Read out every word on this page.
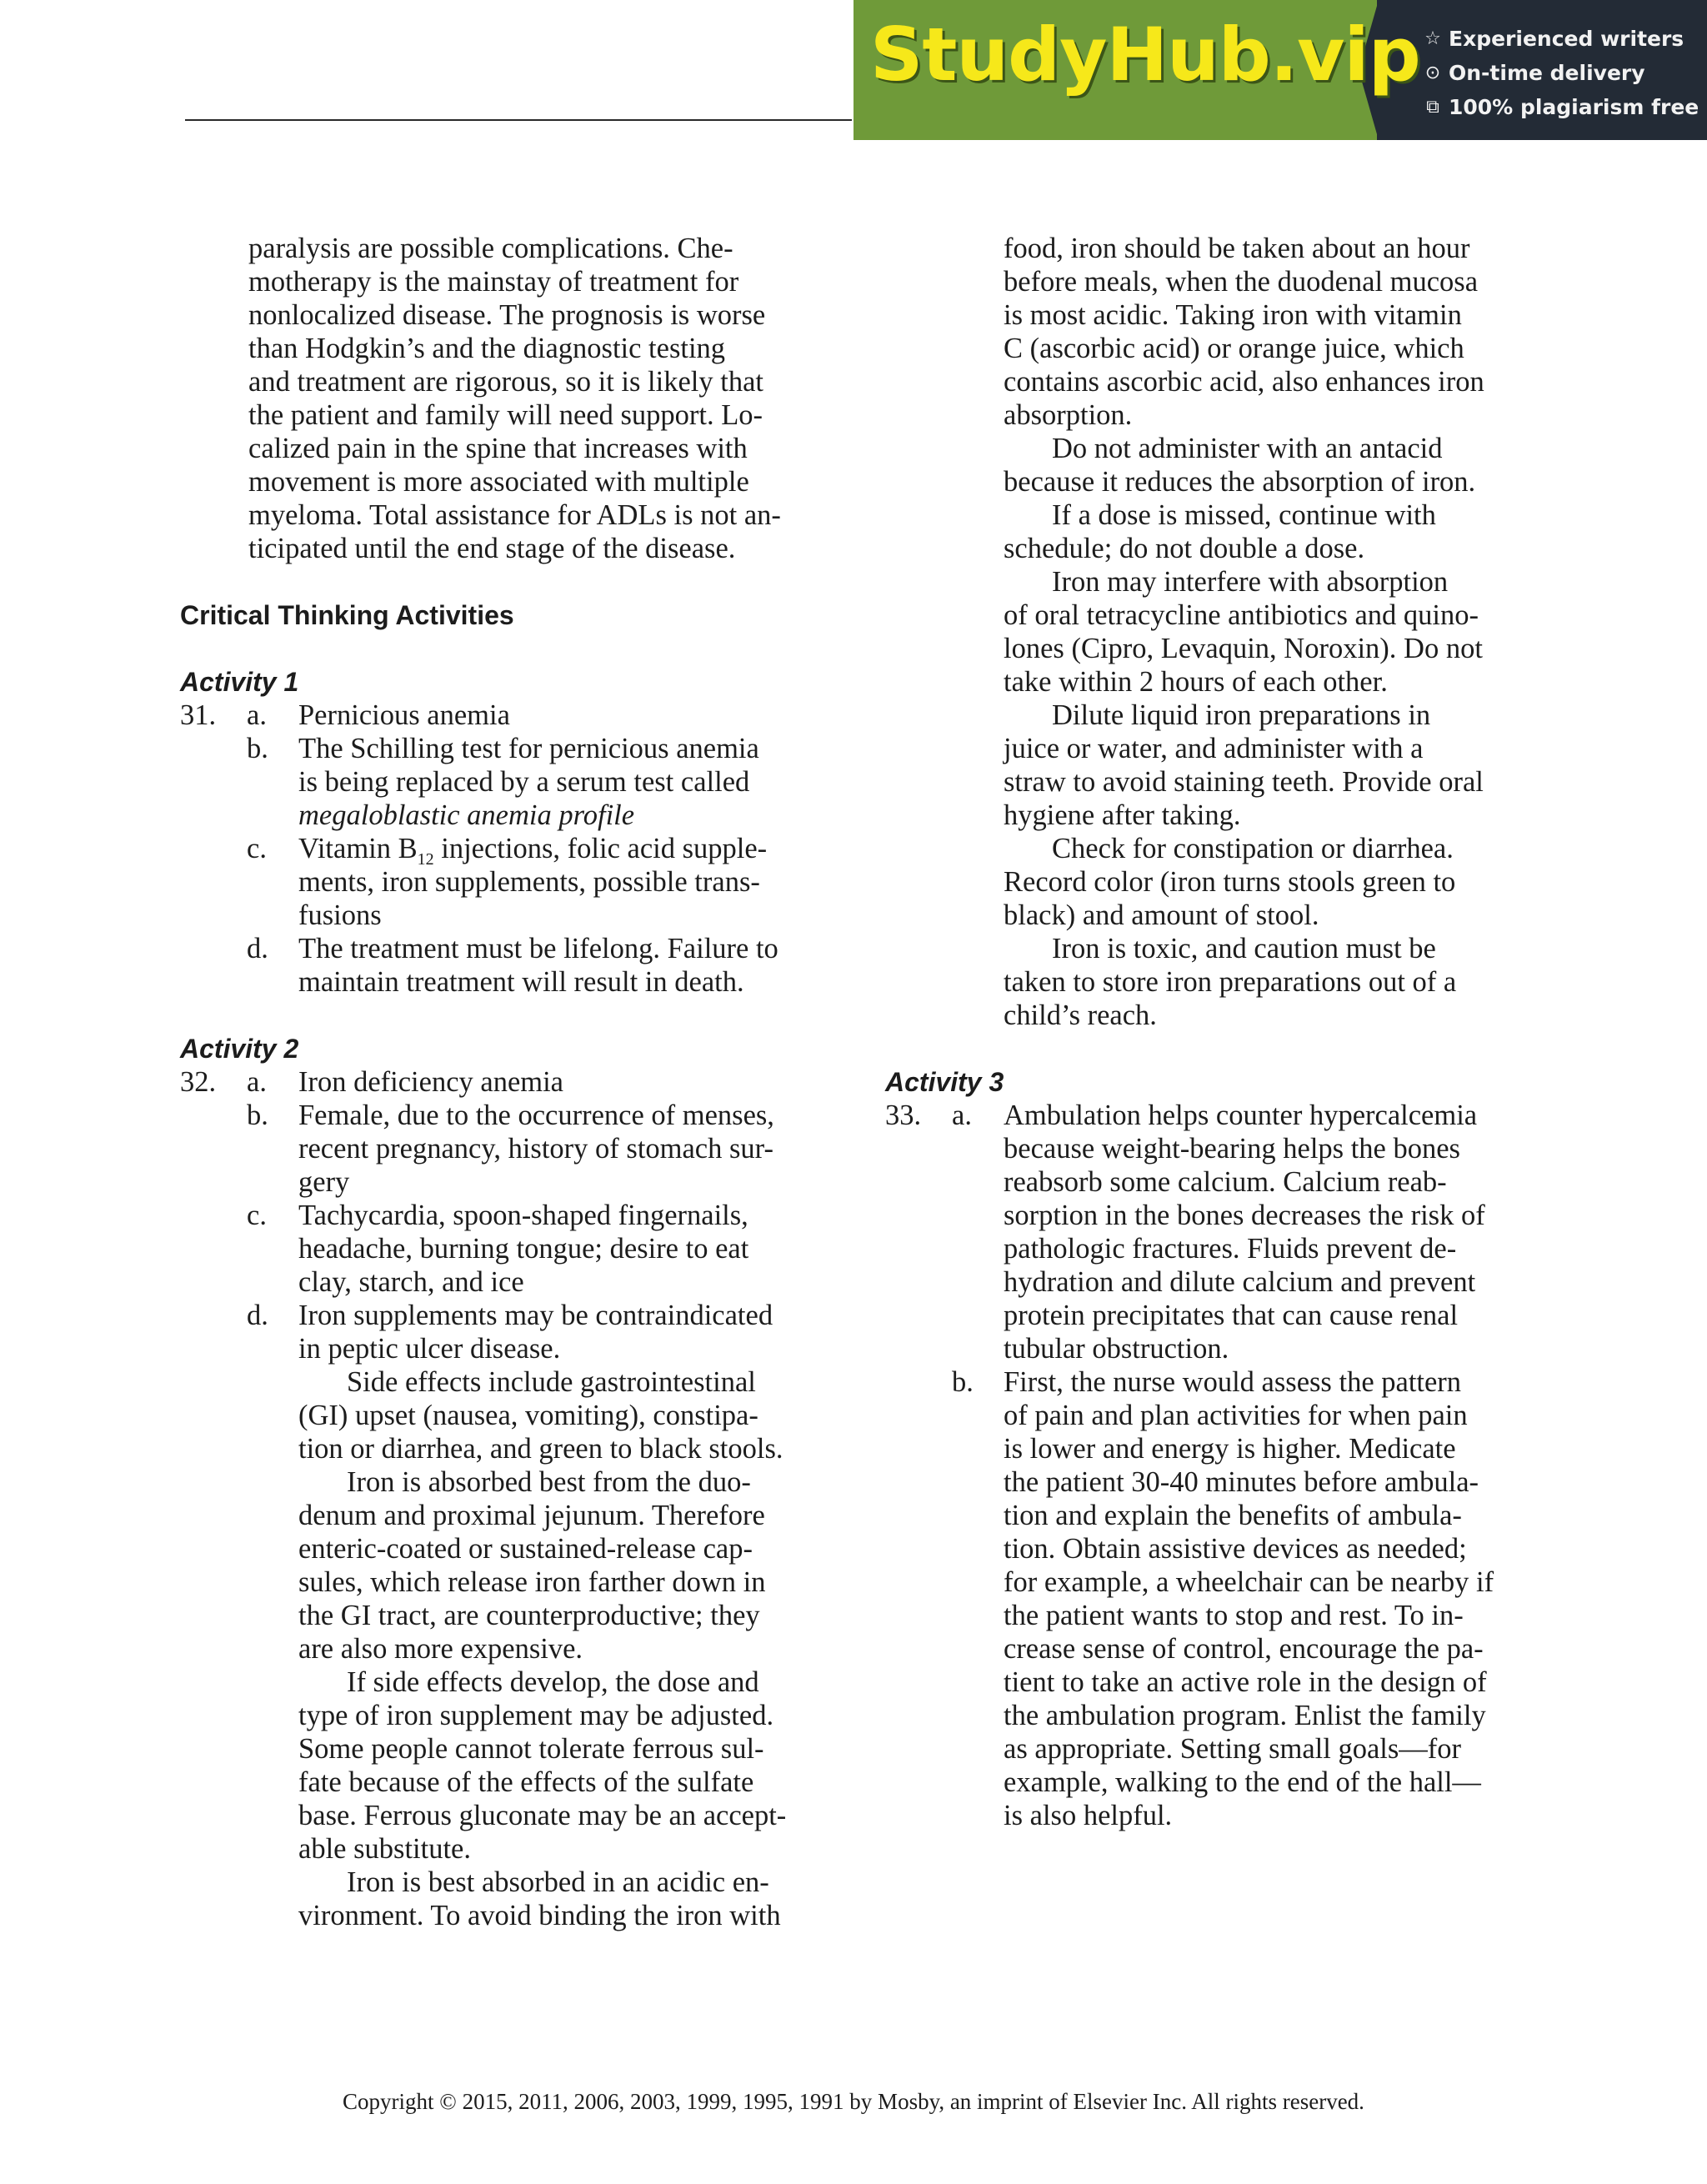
StudyHub.vip ☆ Experienced writers
⊙ On-time delivery
⧉ 100% plagiarism free
paralysis are possible complications. Che-
motherapy is the mainstay of treatment for
nonlocalized disease. The prognosis is worse
than Hodgkin’s and the diagnostic testing
and treatment are rigorous, so it is likely that
the patient and family will need support. Lo-
calized pain in the spine that increases with
movement is more associated with multiple
myeloma. Total assistance for ADLs is not an-
ticipated until the end stage of the disease.
Critical Thinking Activities
Activity 1
31. a. Pernicious anemia
b. The Schilling test for pernicious anemia
is being replaced by a serum test called
megaloblastic anemia profile
c. Vitamin $B_{12}$ injections, folic acid supple-
ments, iron supplements, possible trans-
fusions
d. The treatment must be lifelong. Failure to
maintain treatment will result in death.
Activity 2
32. a. Iron deficiency anemia
b. Female, due to the occurrence of menses,
recent pregnancy, history of stomach sur-
gery
c. Tachycardia, spoon-shaped fingernails,
headache, burning tongue; desire to eat
clay, starch, and ice
d. Iron supplements may be contraindicated
in peptic ulcer disease.
Side effects include gastrointestinal
(GI) upset (nausea, vomiting), constipa-
tion or diarrhea, and green to black stools.
Iron is absorbed best from the duo-
denum and proximal jejunum. Therefore
enteric-coated or sustained-release cap-
sules, which release iron farther down in
the GI tract, are counterproductive; they
are also more expensive.
If side effects develop, the dose and
type of iron supplement may be adjusted.
Some people cannot tolerate ferrous sul-
fate because of the effects of the sulfate
base. Ferrous gluconate may be an accept-
able substitute.
Iron is best absorbed in an acidic en-
vironment. To avoid binding the iron with
food, iron should be taken about an hour
before meals, when the duodenal mucosa
is most acidic. Taking iron with vitamin
C (ascorbic acid) or orange juice, which
contains ascorbic acid, also enhances iron
absorption.
Do not administer with an antacid
because it reduces the absorption of iron.
If a dose is missed, continue with
schedule; do not double a dose.
Iron may interfere with absorption
of oral tetracycline antibiotics and quino-
lones (Cipro, Levaquin, Noroxin). Do not
take within 2 hours of each other.
Dilute liquid iron preparations in
juice or water, and administer with a
straw to avoid staining teeth. Provide oral
hygiene after taking.
Check for constipation or diarrhea.
Record color (iron turns stools green to
black) and amount of stool.
Iron is toxic, and caution must be
taken to store iron preparations out of a
child’s reach.
Activity 3
33. a. Ambulation helps counter hypercalcemia
because weight-bearing helps the bones
reabsorb some calcium. Calcium reab-
sorption in the bones decreases the risk of
pathologic fractures. Fluids prevent de-
hydration and dilute calcium and prevent
protein precipitates that can cause renal
tubular obstruction.
b. First, the nurse would assess the pattern
of pain and plan activities for when pain
is lower and energy is higher. Medicate
the patient 30-40 minutes before ambula-
tion and explain the benefits of ambula-
tion. Obtain assistive devices as needed;
for example, a wheelchair can be nearby if
the patient wants to stop and rest. To in-
crease sense of control, encourage the pa-
tient to take an active role in the design of
the ambulation program. Enlist the family
as appropriate. Setting small goals—for
example, walking to the end of the hall—
is also helpful.
Copyright © 2015, 2011, 2006, 2003, 1999, 1995, 1991 by Mosby, an imprint of Elsevier Inc. All rights reserved.
